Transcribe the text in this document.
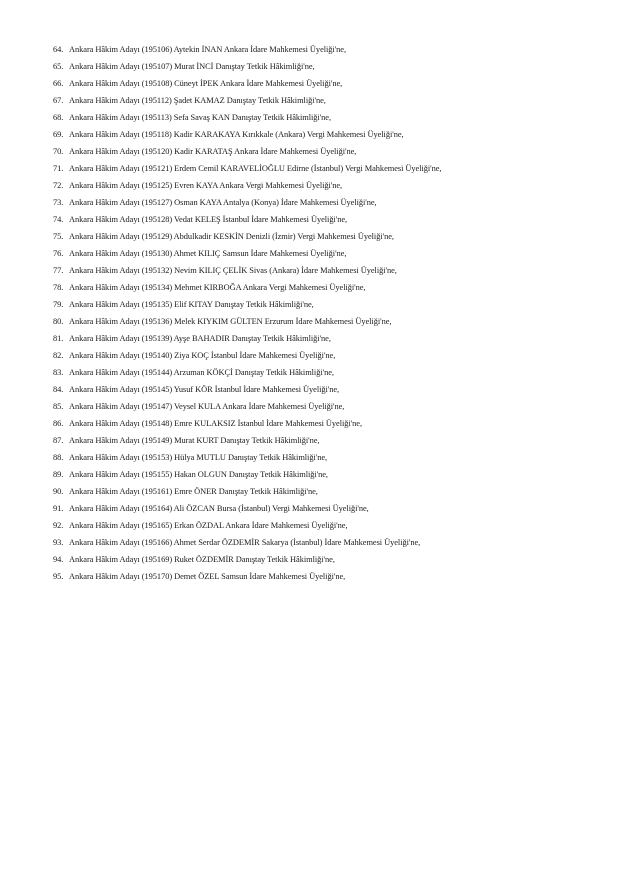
64. Ankara Hâkim Adayı (195106) Aytekin İNAN Ankara İdare Mahkemesi Üyeliği'ne,
65. Ankara Hâkim Adayı (195107) Murat İNCİ Danıştay Tetkik Hâkimliği'ne,
66. Ankara Hâkim Adayı (195108) Cüneyt İPEK Ankara İdare Mahkemesi Üyeliği'ne,
67. Ankara Hâkim Adayı (195112) Şadet KAMAZ Danıştay Tetkik Hâkimliği'ne,
68. Ankara Hâkim Adayı (195113) Sefa Savaş KAN Danıştay Tetkik Hâkimliği'ne,
69. Ankara Hâkim Adayı (195118) Kadir KARAKAYA Kırıkkale (Ankara) Vergi Mahkemesi Üyeliği'ne,
70. Ankara Hâkim Adayı (195120) Kadir KARATAŞ Ankara İdare Mahkemesi Üyeliği'ne,
71. Ankara Hâkim Adayı (195121) Erdem Cemil KARAVELİOĞLU Edirne (İstanbul) Vergi Mahkemesi Üyeliği'ne,
72. Ankara Hâkim Adayı (195125) Evren KAYA Ankara Vergi Mahkemesi Üyeliği'ne,
73. Ankara Hâkim Adayı (195127) Osman KAYA Antalya (Konya) İdare Mahkemesi Üyeliği'ne,
74. Ankara Hâkim Adayı (195128) Vedat KELEŞ İstanbul İdare Mahkemesi Üyeliği'ne,
75. Ankara Hâkim Adayı (195129) Abdulkadir KESKİN Denizli (İzmir) Vergi Mahkemesi Üyeliği'ne,
76. Ankara Hâkim Adayı (195130) Ahmet KILIÇ Samsun İdare Mahkemesi Üyeliği'ne,
77. Ankara Hâkim Adayı (195132) Nevim KILIÇ ÇELİK Sivas (Ankara) İdare Mahkemesi Üyeliği'ne,
78. Ankara Hâkim Adayı (195134) Mehmet KIRBOĞA Ankara Vergi Mahkemesi Üyeliği'ne,
79. Ankara Hâkim Adayı (195135) Elif KITAY Danıştay Tetkik Hâkimliği'ne,
80. Ankara Hâkim Adayı (195136) Melek KIYKIM GÜLTEN Erzurum İdare Mahkemesi Üyeliği'ne,
81. Ankara Hâkim Adayı (195139) Ayşe BAHADIR Danıştay Tetkik Hâkimliği'ne,
82. Ankara Hâkim Adayı (195140) Ziya KOÇ İstanbul İdare Mahkemesi Üyeliği'ne,
83. Ankara Hâkim Adayı (195144) Arzuman KÖKÇİ Danıştay Tetkik Hâkimliği'ne,
84. Ankara Hâkim Adayı (195145) Yusuf KÖR İstanbul İdare Mahkemesi Üyeliği'ne,
85. Ankara Hâkim Adayı (195147) Veysel KULA Ankara İdare Mahkemesi Üyeliği'ne,
86. Ankara Hâkim Adayı (195148) Emre KULAKSIZ İstanbul İdare Mahkemesi Üyeliği'ne,
87. Ankara Hâkim Adayı (195149) Murat KURT Danıştay Tetkik Hâkimliği'ne,
88. Ankara Hâkim Adayı (195153) Hülya MUTLU Danıştay Tetkik Hâkimliği'ne,
89. Ankara Hâkim Adayı (195155) Hakan OLGUN Danıştay Tetkik Hâkimliği'ne,
90. Ankara Hâkim Adayı (195161) Emre ÖNER Danıştay Tetkik Hâkimliği'ne,
91. Ankara Hâkim Adayı (195164) Ali ÖZCAN Bursa (İstanbul) Vergi Mahkemesi Üyeliği'ne,
92. Ankara Hâkim Adayı (195165) Erkan ÖZDAL Ankara İdare Mahkemesi Üyeliği'ne,
93. Ankara Hâkim Adayı (195166) Ahmet Serdar ÖZDEMİR Sakarya (İstanbul) İdare Mahkemesi Üyeliği'ne,
94. Ankara Hâkim Adayı (195169) Ruket ÖZDEMİR Danıştay Tetkik Hâkimliği'ne,
95. Ankara Hâkim Adayı (195170) Demet ÖZEL Samsun İdare Mahkemesi Üyeliği'ne,
